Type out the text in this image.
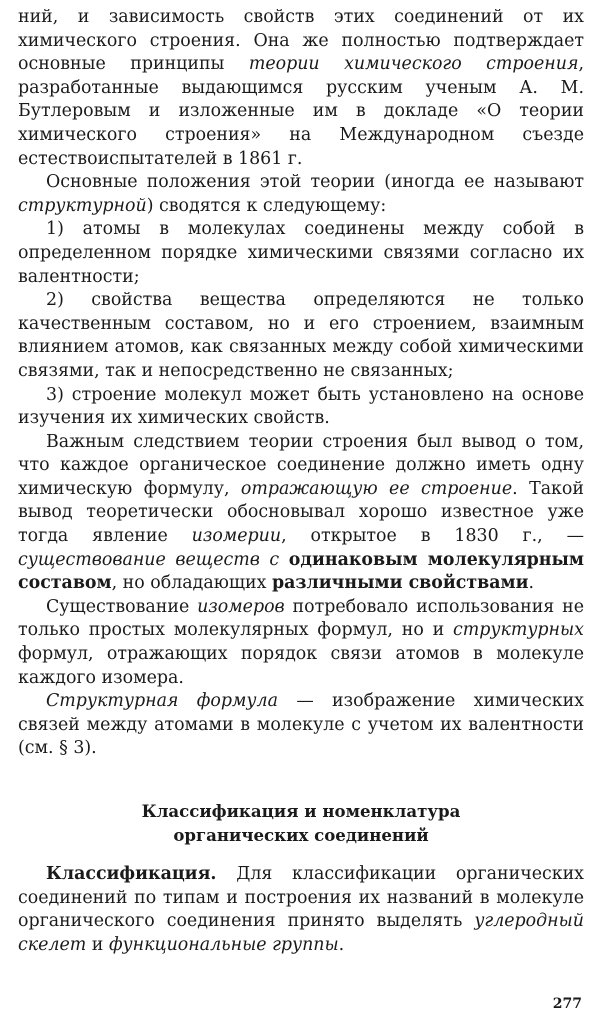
ний, и зависимость свойств этих соединений от их химического строения. Она же полностью подтверждает основные принципы теории химического строения, разработанные выдающимся русским ученым А. М. Бутлеровым и изложенные им в докладе «О теории химического строения» на Международном съезде естествоиспытателей в 1861 г.

Основные положения этой теории (иногда ее называют структурной) сводятся к следующему:

1) атомы в молекулах соединены между собой в определенном порядке химическими связями согласно их валентности;

2) свойства вещества определяются не только качественным составом, но и его строением, взаимным влиянием атомов, как связанных между собой химическими связями, так и непосредственно не связанных;

3) строение молекул может быть установлено на основе изучения их химических свойств.

Важным следствием теории строения был вывод о том, что каждое органическое соединение должно иметь одну химическую формулу, отражающую ее строение. Такой вывод теоретически обосновывал хорошо известное уже тогда явление изомерии, открытое в 1830 г., — существование веществ с одинаковым молекулярным составом, но обладающих различными свойствами.

Существование изомеров потребовало использования не только простых молекулярных формул, но и структурных формул, отражающих порядок связи атомов в молекуле каждого изомера.

Структурная формула — изображение химических связей между атомами в молекуле с учетом их валентности (см. § 3).

Классификация и номенклатура

органических соединений

Классификация. Для классификации органических соединений по типам и построения их названий в молекуле органического соединения принято выделять углеродный скелет и функциональные группы.

277
